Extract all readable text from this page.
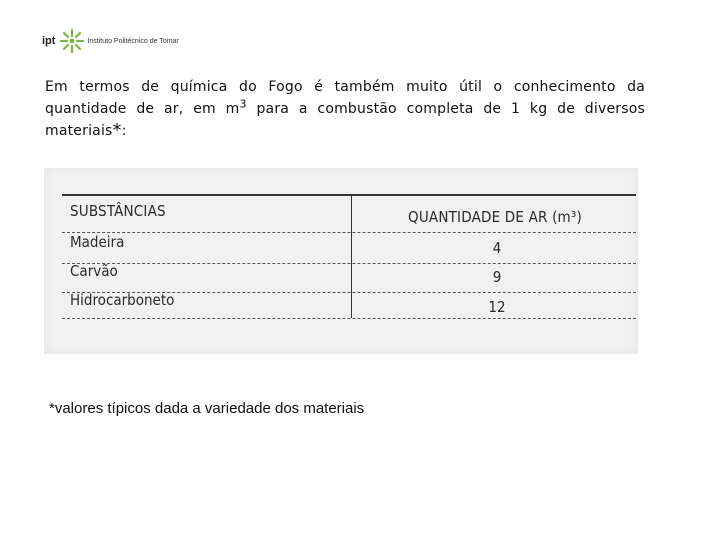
ipt	Instituto Politécnico de Tomar
Em termos de química do Fogo é também muito útil o conhecimento da quantidade de ar, em $m^3$ para a combustão completa de 1 kg de diversos materiais*:
SUBSTÂNCIAS	QUANTIDADE DE AR (m³)
Madeira	4
Carvão	9
Hidrocarboneto	12
*valores típicos dada a variedade dos materiais
